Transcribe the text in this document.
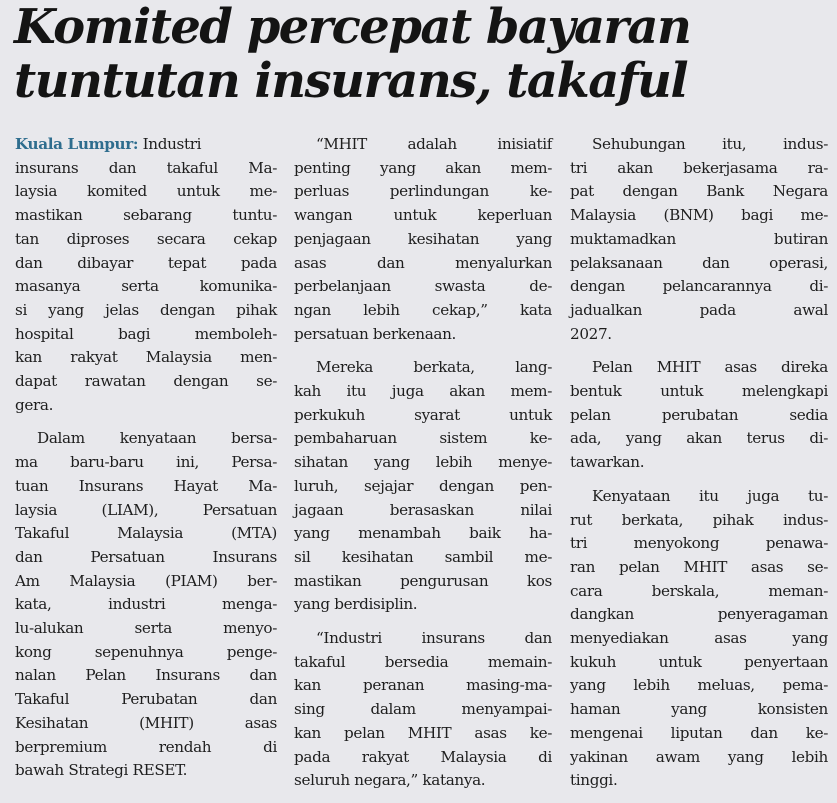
Komited percepat bayaran
tuntutan insurans, takaful

Kuala Lumpur: Industri
insurans dan takaful Ma-
laysia komited untuk me-
mastikan sebarang tuntu-
tan diproses secara cekap
dan dibayar tepat pada
masanya serta komunika-
si yang jelas dengan pihak
hospital bagi memboleh-
kan rakyat Malaysia men-
dapat rawatan dengan se-
gera.

Dalam kenyataan bersa-
ma baru-baru ini, Persa-
tuan Insurans Hayat Ma-
laysia (LIAM), Persatuan
Takaful Malaysia (MTA)
dan Persatuan Insurans
Am Malaysia (PIAM) ber-
kata, industri menga-
lu-alukan serta menyo-
kong sepenuhnya penge-
nalan Pelan Insurans dan
Takaful Perubatan dan
Kesihatan (MHIT) asas
berpremium rendah di
bawah Strategi RESET.

“MHIT adalah inisiatif
penting yang akan mem-
perluas perlindungan ke-
wangan untuk keperluan
penjagaan kesihatan yang
asas dan menyalurkan
perbelanjaan swasta de-
ngan lebih cekap,” kata
persatuan berkenaan.

Mereka berkata, lang-
kah itu juga akan mem-
perkukuh syarat untuk
pembaharuan sistem ke-
sihatan yang lebih menye-
luruh, sejajar dengan pen-
jagaan berasaskan nilai
yang menambah baik ha-
sil kesihatan sambil me-
mastikan pengurusan kos
yang berdisiplin.

“Industri insurans dan
takaful bersedia memain-
kan peranan masing-ma-
sing dalam menyampai-
kan pelan MHIT asas ke-
pada rakyat Malaysia di
seluruh negara,” katanya.

Sehubungan itu, indus-
tri akan bekerjasama ra-
pat dengan Bank Negara
Malaysia (BNM) bagi me-
muktamadkan butiran
pelaksanaan dan operasi,
dengan pelancarannya di-
jadualkan pada awal
2027.

Pelan MHIT asas direka
bentuk untuk melengkapi
pelan perubatan sedia
ada, yang akan terus di-
tawarkan.

Kenyataan itu juga tu-
rut berkata, pihak indus-
tri menyokong penawa-
ran pelan MHIT asas se-
cara berskala, meman-
dangkan penyeragaman
menyediakan asas yang
kukuh untuk penyertaan
yang lebih meluas, pema-
haman yang konsisten
mengenai liputan dan ke-
yakinan awam yang lebih
tinggi.
